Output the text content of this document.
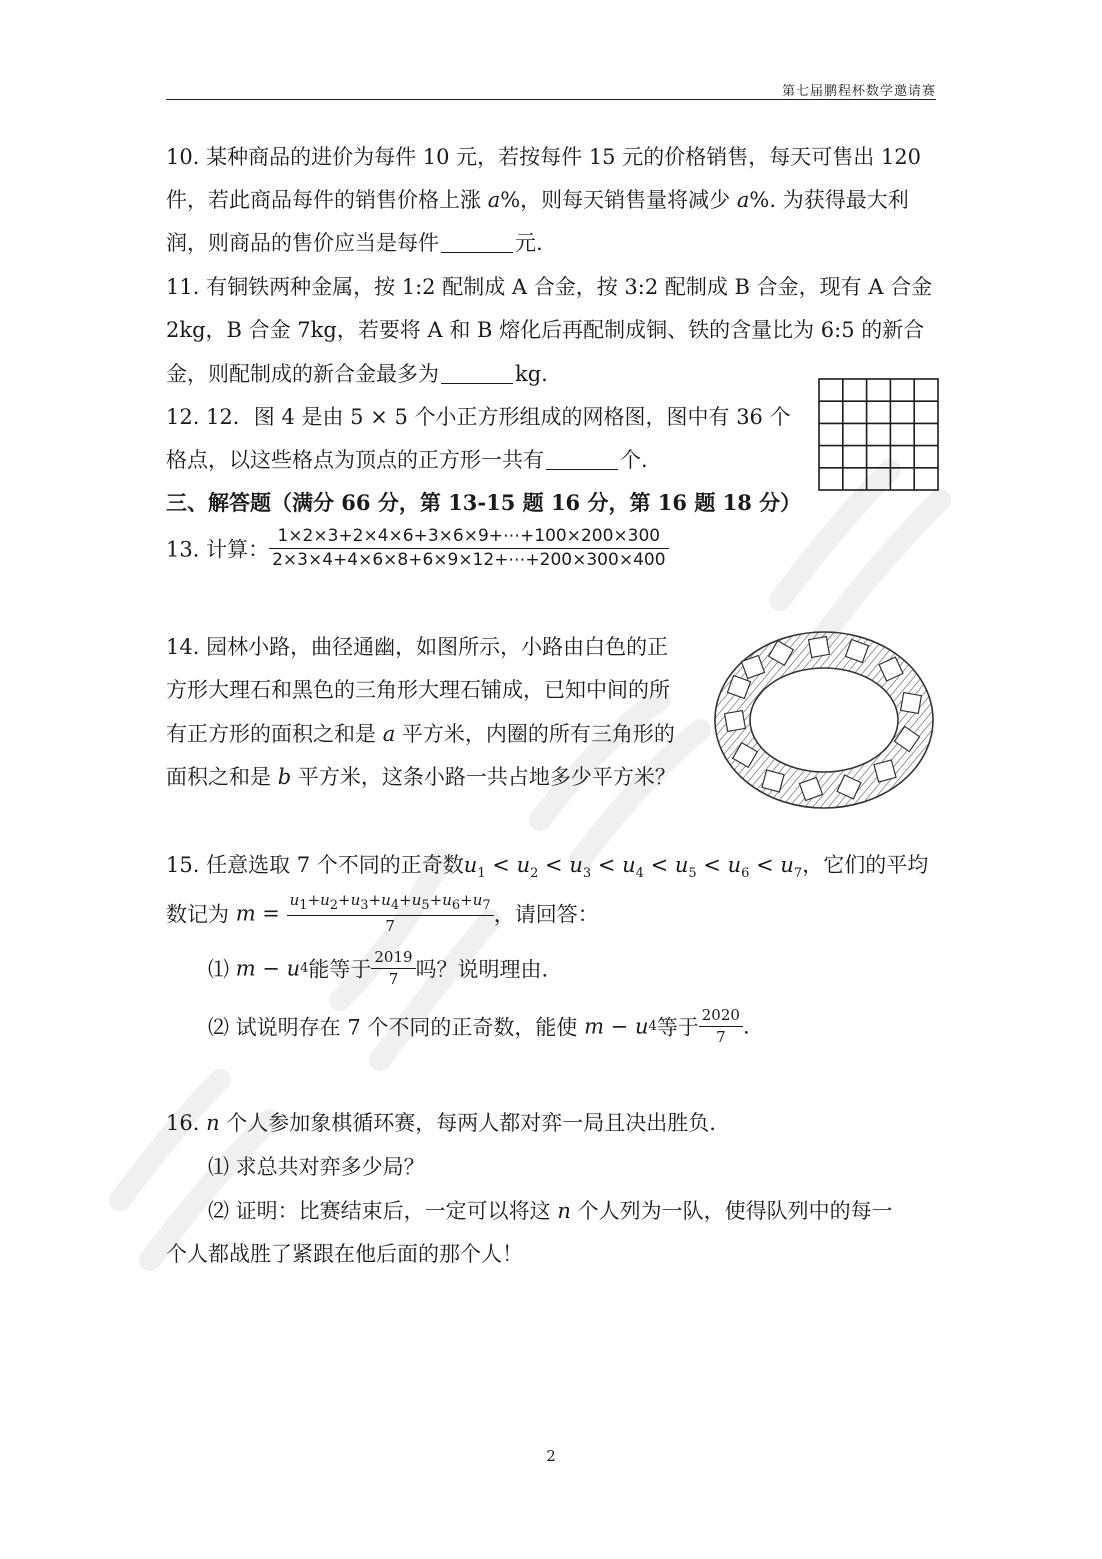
第七届鹏程杯数学邀请赛
10. 某种商品的进价为每件 10 元，若按每件 15 元的价格销售，每天可售出 120
件，若此商品每件的销售价格上涨 a%，则每天销售量将减少 a%. 为获得最大利
润，则商品的售价应当是每件	元.
11. 有铜铁两种金属，按 1:2 配制成 A 合金，按 3:2 配制成 B 合金，现有 A 合金
2kg，B 合金 7kg，若要将 A 和 B 熔化后再配制成铜、铁的含量比为 6:5 的新合
金，则配制成的新合金最多为	kg.
12. 12．图 4 是由 5 × 5 个小正方形组成的网格图，图中有 36 个
格点，以这些格点为顶点的正方形一共有	个.
三、解答题（满分 66 分，第 13-15 题 16 分，第 16 题 18 分）
13. 计算： $\frac{1\times 2\times 3+2\times 4\times 6+3\times 6\times 9+\cdots+100\times 200\times 300}{2\times 3\times 4+4\times 6\times 8+6\times 9\times 12+\cdots+200\times 300\times 400}$
14. 园林小路，曲径通幽，如图所示，小路由白色的正
方形大理石和黑色的三角形大理石铺成，已知中间的所
有正方形的面积之和是 a 平方米，内圈的所有三角形的
面积之和是 b 平方米，这条小路一共占地多少平方米？
15. 任意选取 7 个不同的正奇数$u_1 < u_2 < u_3 < u_4 < u_5 < u_6 < u_7$，它们的平均
数记为 $m = \frac{u_1+u_2+u_3+u_4+u_5+u_6+u_7}{7}$ ，请回答：
⑴ m − u4能等于 $\frac{2019}{7}$ 吗？说明理由.
⑵ 试说明存在 7 个不同的正奇数，能使 m − u4等于 $\frac{2020}{7}$ .
16. n 个人参加象棋循环赛，每两人都对弈一局且决出胜负.
⑴ 求总共对弈多少局？
⑵ 证明：比赛结束后，一定可以将这 n 个人列为一队，使得队列中的每一
个人都战胜了紧跟在他后面的那个人！
2
